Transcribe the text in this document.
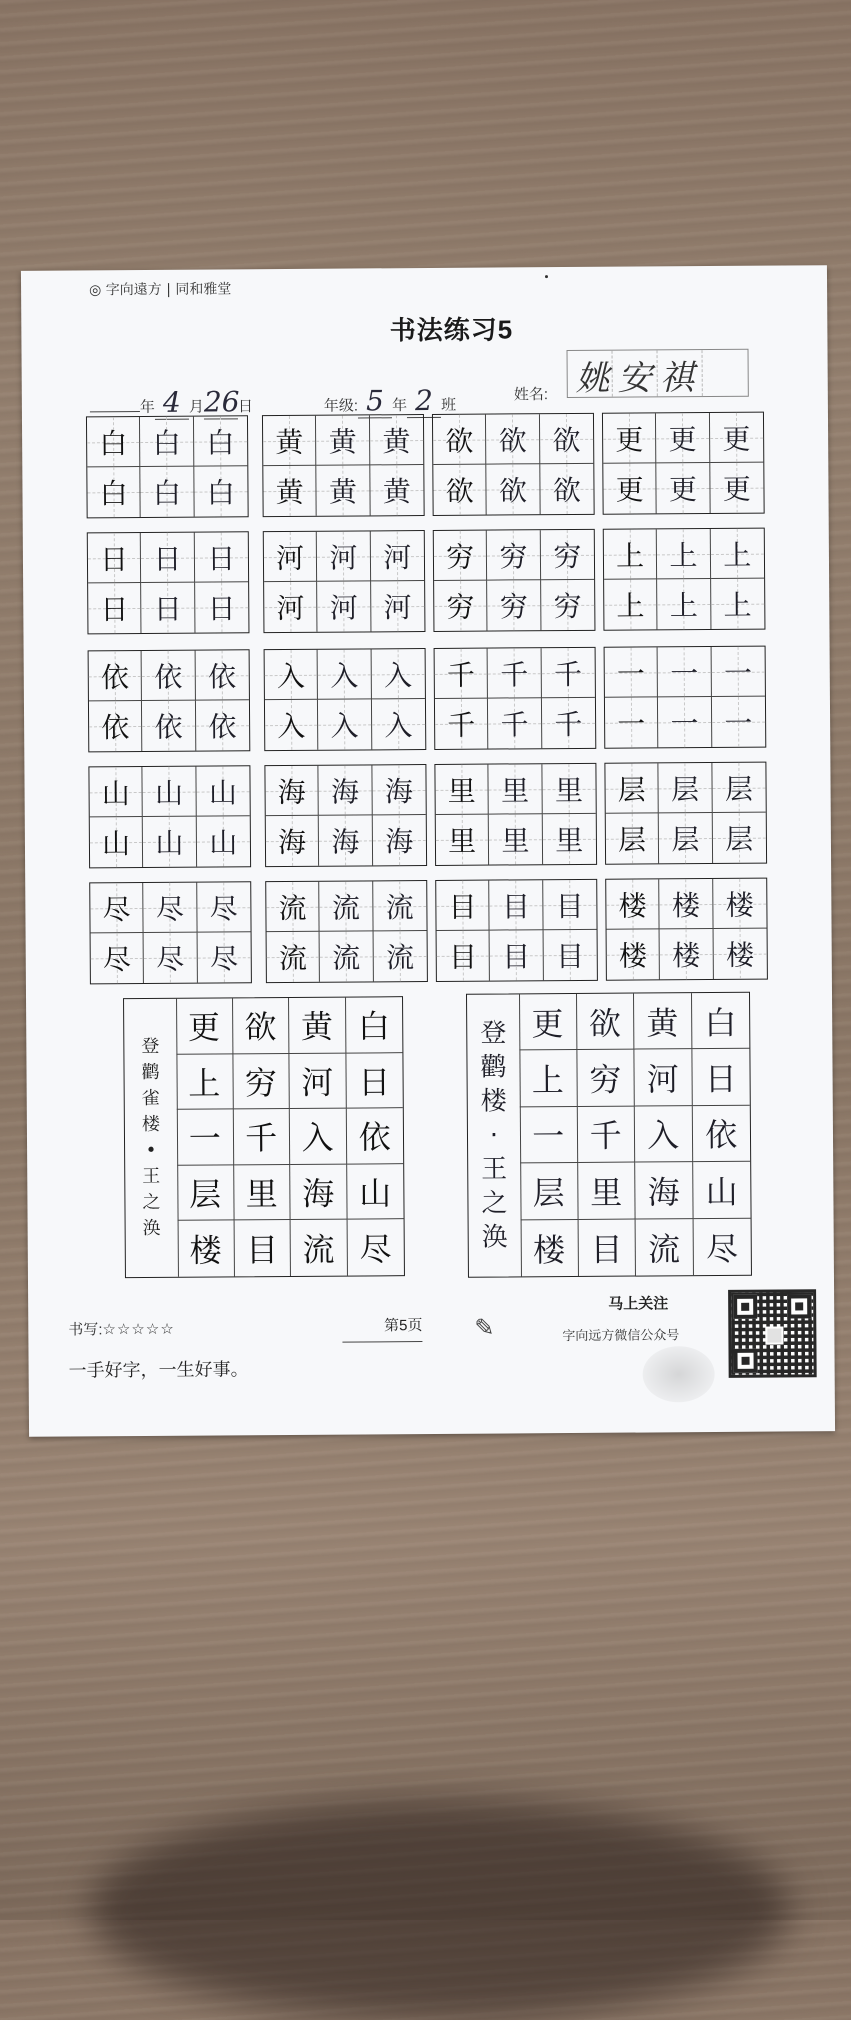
◎ 字向遠方 | 同和雅堂
书法练习5
年 4 月26日	年级: 5 年 2 班
姓名: 姚安祺
白 白 白
白 白 白
黄 黄 黄
黄 黄 黄
欲 欲 欲
欲 欲 欲
更 更 更
更 更 更
日 日 日
日 日 日
河 河 河
河 河 河
穷 穷 穷
穷 穷 穷
上 上 上
上 上 上
依 依 依
依 依 依
入 入 入
入 入 入
千 千 千
千 千 千
一 一 一
一 一 一
山 山 山
山 山 山
海 海 海
海 海 海
里 里 里
里 里 里
层 层 层
层 层 层
尽 尽 尽
尽 尽 尽
流 流 流
流 流 流
目 目 目
目 目 目
楼 楼 楼
楼 楼 楼
登
鹳
雀
楼
•
王
之
涣
更 欲 黄 白
上 穷 河 日
一 千 入 依
层 里 海 山
楼 目 流 尽
登
鹳
楼
·
王
之
涣
更 欲 黄 白
上 穷 河 日
一 千 入 依
层 里 海 山
楼 目 流 尽
书写:☆☆☆☆☆
一手好字，一生好事。
第5页	✎
马上关注
字向远方微信公众号
